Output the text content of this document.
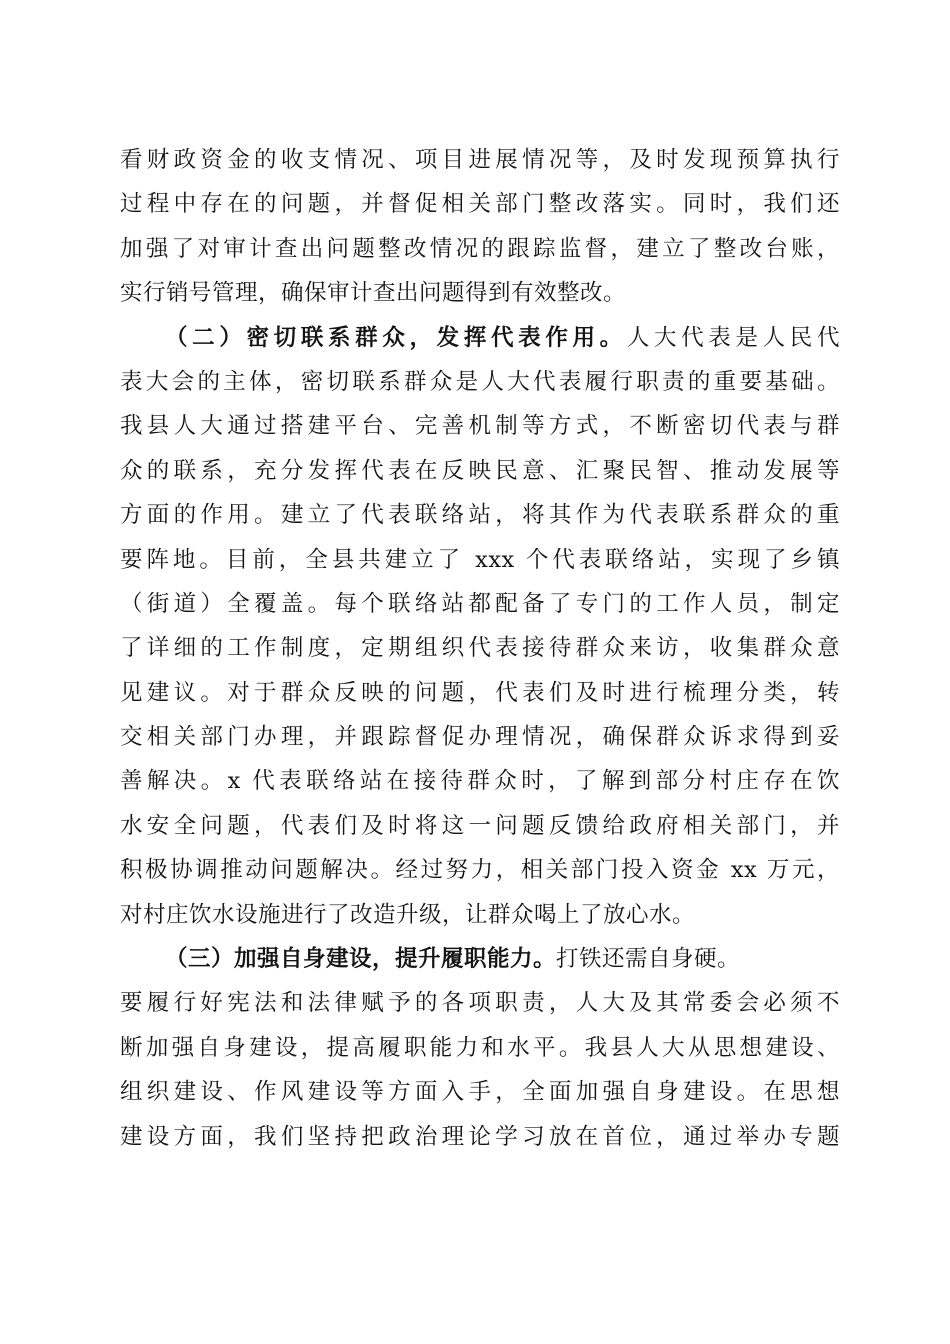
看财政资金的收支情况、项目进展情况等，及时发现预算执行
过程中存在的问题，并督促相关部门整改落实。同时，我们还
加强了对审计查出问题整改情况的跟踪监督，建立了整改台账，
实行销号管理，确保审计查出问题得到有效整改。
（二）密切联系群众，发挥代表作用。人大代表是人民代
表大会的主体，密切联系群众是人大代表履行职责的重要基础。
我县人大通过搭建平台、完善机制等方式，不断密切代表与群
众的联系，充分发挥代表在反映民意、汇聚民智、推动发展等
方面的作用。建立了代表联络站，将其作为代表联系群众的重
要阵地。目前，全县共建立了 xxx 个代表联络站，实现了乡镇
（街道）全覆盖。每个联络站都配备了专门的工作人员，制定
了详细的工作制度，定期组织代表接待群众来访，收集群众意
见建议。对于群众反映的问题，代表们及时进行梳理分类，转
交相关部门办理，并跟踪督促办理情况，确保群众诉求得到妥
善解决。x 代表联络站在接待群众时，了解到部分村庄存在饮
水安全问题，代表们及时将这一问题反馈给政府相关部门，并
积极协调推动问题解决。经过努力，相关部门投入资金 xx 万元，
对村庄饮水设施进行了改造升级，让群众喝上了放心水。
（三）加强自身建设，提升履职能力。打铁还需自身硬。
要履行好宪法和法律赋予的各项职责，人大及其常委会必须不
断加强自身建设，提高履职能力和水平。我县人大从思想建设、
组织建设、作风建设等方面入手，全面加强自身建设。在思想
建设方面，我们坚持把政治理论学习放在首位，通过举办专题
